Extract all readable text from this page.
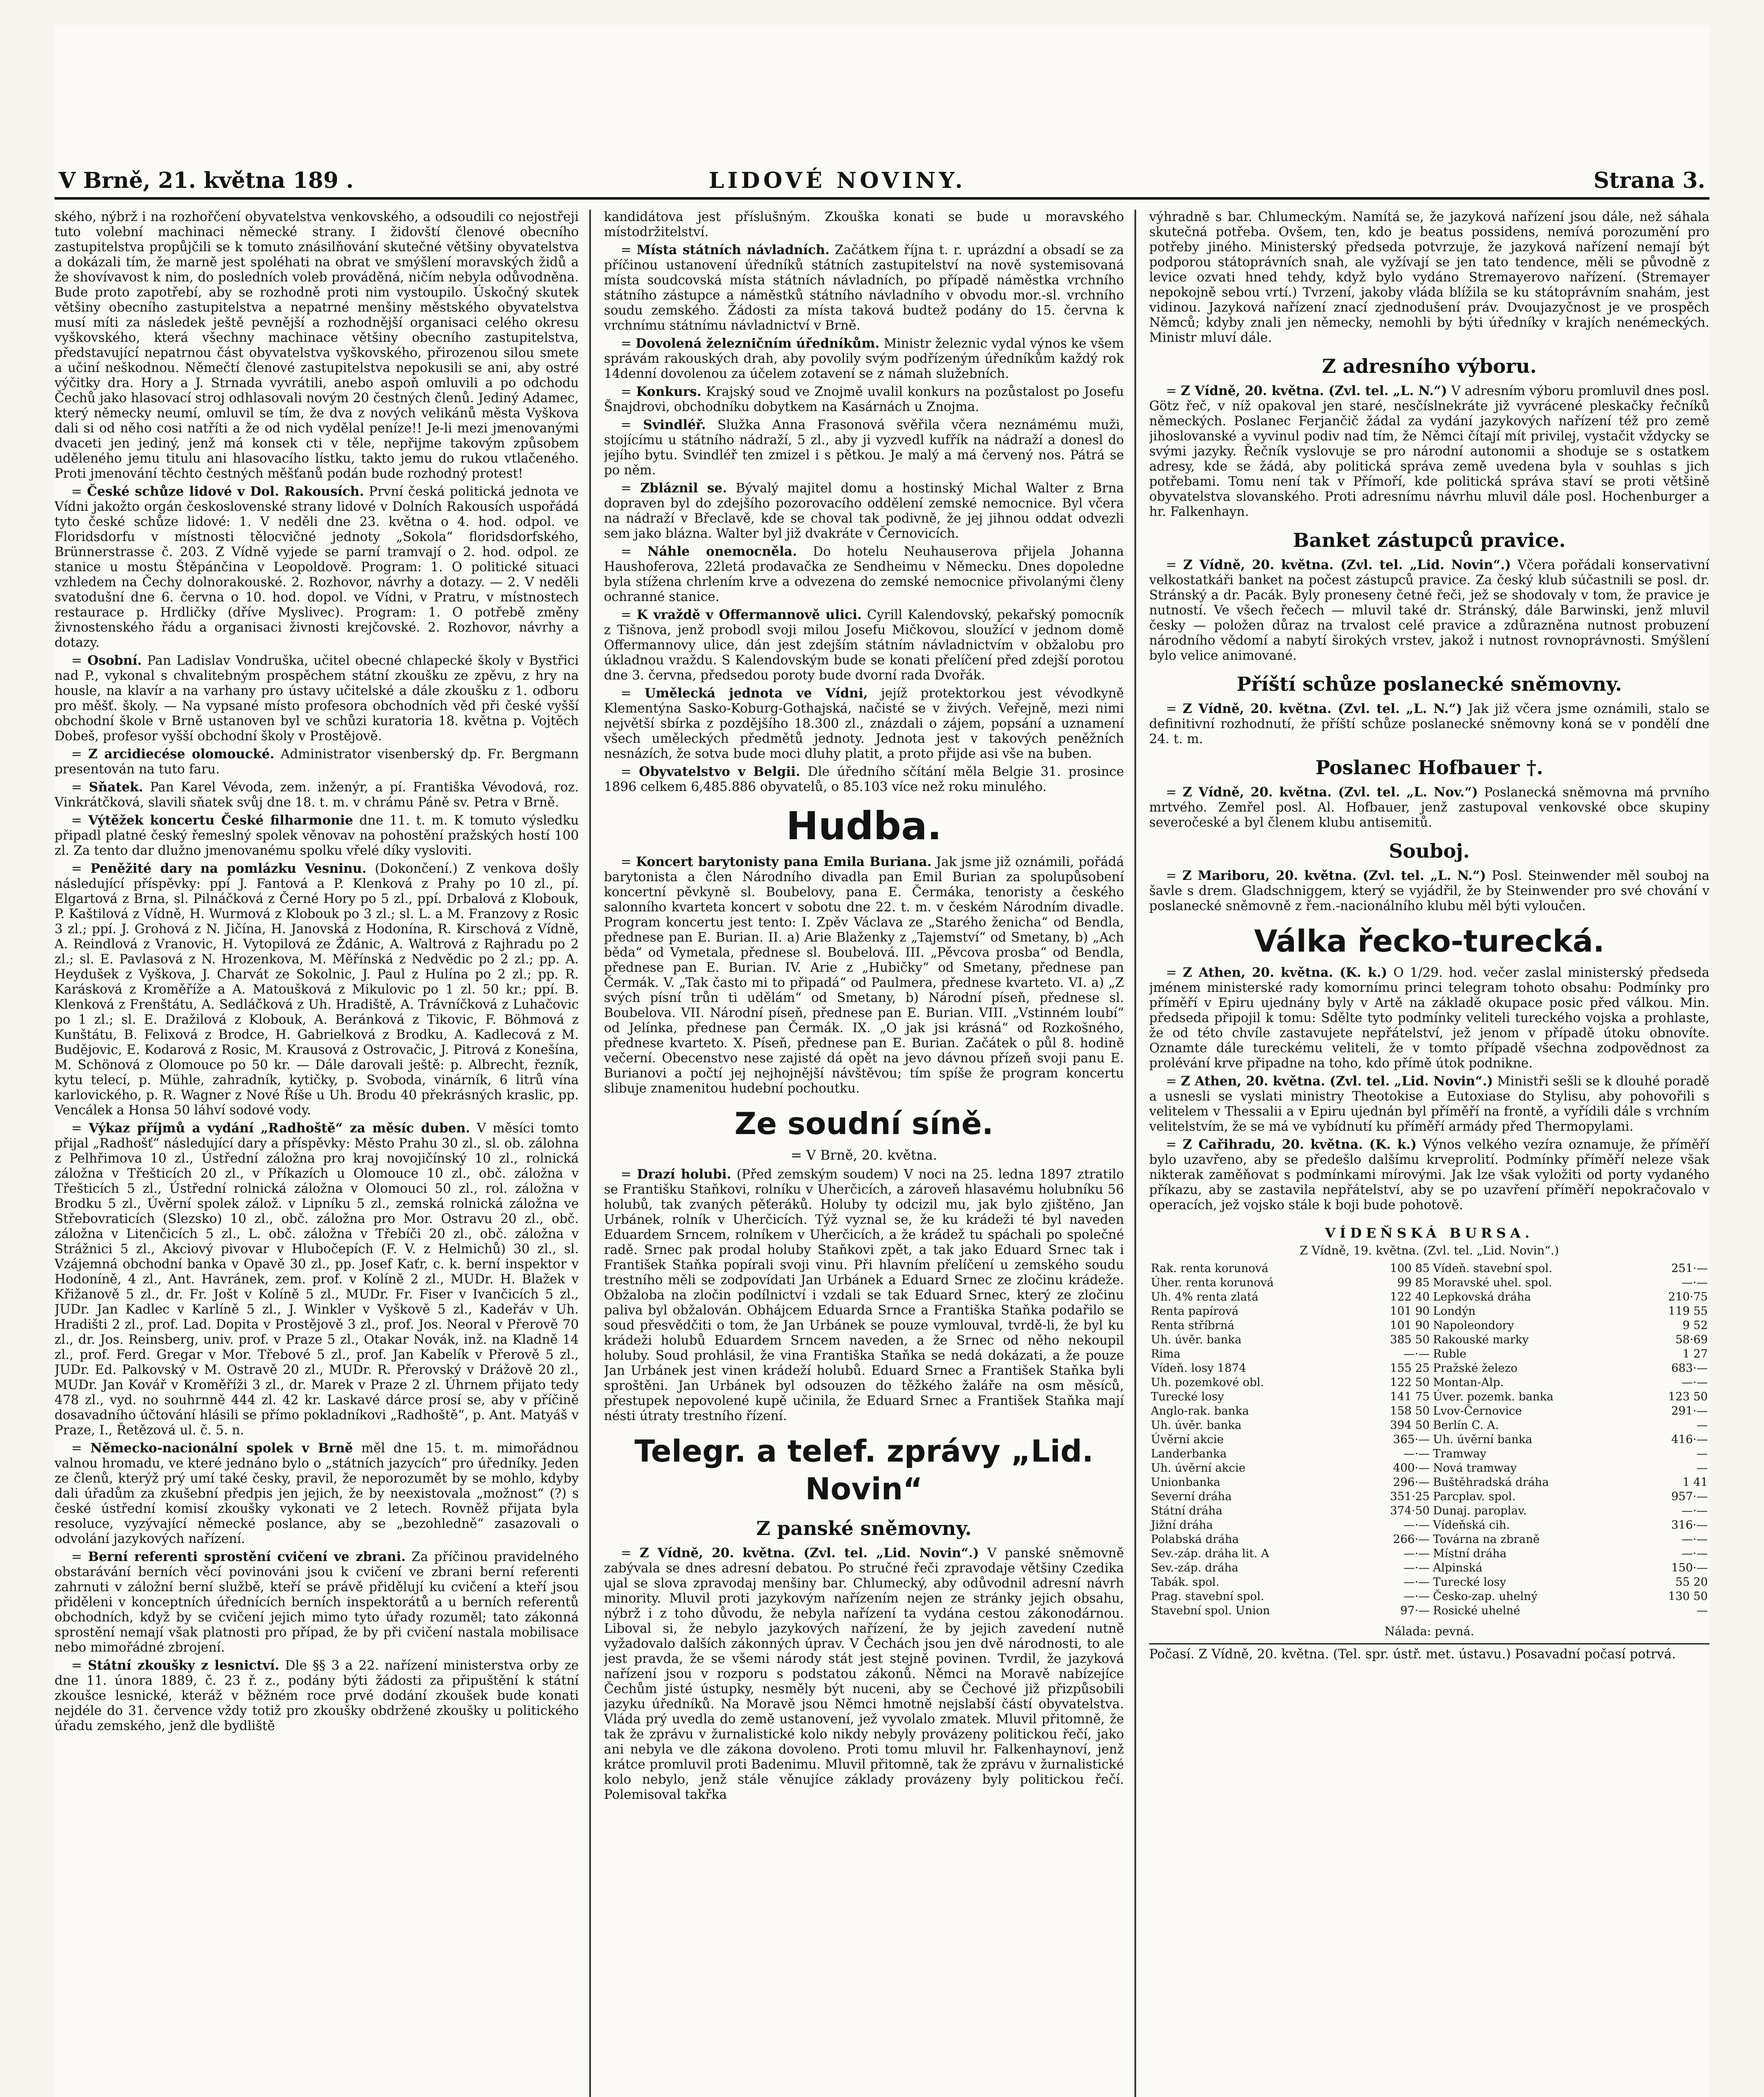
V Brně, 21. května 189 .	LIDOVÉ NOVINY.	Strana 3.

ského, nýbrž i na rozhořčení obyvatelstva venkovského, a odsoudili co nejostřeji tuto volební machinaci německé strany. I židovští členové obecního zastupitelstva propůjčili se k tomuto znásilňování skutečné většiny obyvatelstva a dokázali tím, že marně jest spoléhati na obrat ve smýšlení moravských židů a že shovívavost k nim, do posledních voleb prováděná, ničím nebyla odůvodněna. Bude proto zapotřebí, aby se rozhodně proti nim vystoupilo. Úskočný skutek většiny obecního zastupitelstva a nepatrné menšiny městského obyvatelstva musí míti za následek ještě pevnější a rozhodnější organisaci celého okresu vyškovského, která všechny machinace většiny obecního zastupitelstva, představující nepatrnou část obyvatelstva vyškovského, přirozenou silou smete a učiní neškodnou. Němečtí členové zastupitelstva nepokusili se ani, aby ostré výčitky dra. Hory a J. Strnada vyvrátili, anebo aspoň omluvili a po odchodu Čechů jako hlasovací stroj odhlasovali novým 20 čestných členů. Jediný Adamec, který německy neumí, omluvil se tím, že dva z nových velikánů města Vyškova dali si od něho cosi natříti a že od nich vydělal peníze!! Je-li mezi jmenovanými dvaceti jen jediný, jenž má konsek cti v těle, nepřijme takovým způsobem uděleného jemu titulu ani hlasovacího lístku, takto jemu do rukou vtlačeného. Proti jmenování těchto čestných měšťanů podán bude rozhodný protest!

= České schůze lidové v Dol. Rakousích. První česká politická jednota ve Vídni jakožto orgán československé strany lidové v Dolních Rakousích uspořádá tyto české schůze lidové: 1. V neděli dne 23. května o 4. hod. odpol. ve Floridsdorfu v místnosti tělocvičné jednoty „Sokola“ floridsdorfského, Brünnerstrasse č. 203. Z Vídně vyjede se parní tramvají o 2. hod. odpol. ze stanice u mostu Štěpánčina v Leopoldově. Program: 1. O politické situaci vzhledem na Čechy dolnorakouské. 2. Rozhovor, návrhy a dotazy. — 2. V neděli svatodušní dne 6. června o 10. hod. dopol. ve Vídni, v Pratru, v místnostech restaurace p. Hrdličky (dříve Myslivec). Program: 1. O potřebě změny živnostenského řádu a organisaci živnosti krejčovské. 2. Rozhovor, návrhy a dotazy.

= Osobní. Pan Ladislav Vondruška, učitel obecné chlapecké školy v Bystřici nad P., vykonal s chvalitebným prospěchem státní zkoušku ze zpěvu, z hry na housle, na klavír a na varhany pro ústavy učitelské a dále zkoušku z 1. odboru pro měšť. školy. — Na vypsané místo profesora obchodních věd při české vyšší obchodní škole v Brně ustanoven byl ve schůzi kuratoria 18. května p. Vojtěch Dobeš, profesor vyšší obchodní školy v Prostějově.

= Z arcidiecése olomoucké. Administrator visenberský dp. Fr. Bergmann presentován na tuto faru.

= Sňatek. Pan Karel Vévoda, zem. inženýr, a pí. Františka Vévodová, roz. Vinkrátčková, slavili sňatek svůj dne 18. t. m. v chrámu Páně sv. Petra v Brně.

= Výtěžek koncertu České filharmonie dne 11. t. m. K tomuto výsledku připadl platné český řemeslný spolek věnovav na pohostění pražských hostí 100 zl. Za tento dar dlužno jmenovanému spolku vřelé díky vysloviti.

= Peněžité dary na pomlázku Vesninu. (Dokončení.) Z venkova došly následující příspěvky: ppí J. Fantová a P. Klenková z Prahy po 10 zl., pí. Elgartová z Brna, sl. Pilnáčková z Černé Hory po 5 zl., ppí. Drbalová z Klobouk, P. Kaštilová z Vídně, H. Wurmová z Klobouk po 3 zl.; sl. L. a M. Franzovy z Rosic 3 zl.; ppí. J. Grohová z N. Jičína, H. Janovská z Hodonína, R. Kirschová z Vídně, A. Reindlová z Vranovic, H. Vytopilová ze Ždánic, A. Waltrová z Rajhradu po 2 zl.; sl. E. Pavlasová z N. Hrozenkova, M. Měřínská z Nedvědic po 2 zl.; pp. A. Heydušek z Vyškova, J. Charvát ze Sokolnic, J. Paul z Hulína po 2 zl.; pp. R. Karásková z Kroměříže a A. Matoušková z Mikulovic po 1 zl. 50 kr.; ppí. B. Klenková z Frenštátu, A. Sedláčková z Uh. Hradiště, A. Trávníčková z Luhačovic po 1 zl.; sl. E. Dražilová z Klobouk, A. Beránková z Tikovic, F. Böhmová z Kunštátu, B. Felixová z Brodce, H. Gabrielková z Brodku, A. Kadlecová z M. Budějovic, E. Kodarová z Rosic, M. Krausová z Ostrovačic, J. Pitrová z Konešína, M. Schönová z Olomouce po 50 kr. — Dále darovali ještě: p. Albrecht, řezník, kytu telecí, p. Mühle, zahradník, kytičky, p. Svoboda, vinárník, 6 litrů vína karlovického, p. R. Wagner z Nové Říše u Uh. Brodu 40 překrásných kraslic, pp. Vencálek a Honsa 50 láhví sodové vody.

= Výkaz příjmů a vydání „Radhoště“ za měsíc duben. V měsíci tomto přijal „Radhošť“ následující dary a příspěvky: Město Prahu 30 zl., sl. ob. zálohna z Pelhřimova 10 zl., Ústřední záložna pro kraj novojičínský 10 zl., rolnická záložna v Třešticích 20 zl., v Příkazích u Olomouce 10 zl., obč. záložna v Třešticích 5 zl., Ústřední rolnická záložna v Olomouci 50 zl., rol. záložna v Brodku 5 zl., Úvěrní spolek zálož. v Lipníku 5 zl., zemská rolnická záložna ve Střebovraticích (Slezsko) 10 zl., obč. záložna pro Mor. Ostravu 20 zl., obč. záložna v Litenčicích 5 zl., L. obč. záložna v Třebíči 20 zl., obč. záložna v Strážnici 5 zl., Akciový pivovar v Hlubočepích (F. V. z Helmichů) 30 zl., sl. Vzájemná obchodní banka v Opavě 30 zl., pp. Josef Kaťr, c. k. berní inspektor v Hodoníně, 4 zl., Ant. Havránek, zem. prof. v Kolíně 2 zl., MUDr. H. Blažek v Křižanově 5 zl., dr. Fr. Jošt v Kolíně 5 zl., MUDr. Fr. Fiser v Ivančicích 5 zl., JUDr. Jan Kadlec v Karlíně 5 zl., J. Winkler v Vyškově 5 zl., Kadeřáv v Uh. Hradišti 2 zl., prof. Lad. Dopita v Prostějově 3 zl., prof. Jos. Neoral v Přerově 70 zl., dr. Jos. Reinsberg, univ. prof. v Praze 5 zl., Otakar Novák, inž. na Kladně 14 zl., prof. Ferd. Gregar v Mor. Třebové 5 zl., prof. Jan Kabelík v Přerově 5 zl., JUDr. Ed. Palkovský v M. Ostravě 20 zl., MUDr. R. Přerovský v Drážově 20 zl., MUDr. Jan Kovář v Kroměříži 3 zl., dr. Marek v Praze 2 zl. Úhrnem přijato tedy 478 zl., vyd. no souhrnně 444 zl. 42 kr. Laskavé dárce prosí se, aby v příčině dosavadního účtování hlásili se přímo pokladníkovi „Radhoště“, p. Ant. Matyáš v Praze, I., Řetězová ul. č. 5. n.

= Německo-nacionální spolek v Brně měl dne 15. t. m. mimořádnou valnou hromadu, ve které jednáno bylo o „státních jazycích“ pro úředníky. Jeden ze členů, kterýž prý umí také česky, pravil, že neporozumět by se mohlo, kdyby dali úřadům za zkušební předpis jen jejich, že by neexistovala „možnost“ (?) s české ústřední komisí zkoušky vykonati ve 2 letech. Rovněž přijata byla resoluce, vyzývající německé poslance, aby se „bezohledně“ zasazovali o odvolání jazykových nařízení.

= Berní referenti sprostění cvičení ve zbrani. Za příčinou pravidelného obstarávání berních věcí povinováni jsou k cvičení ve zbrani berní referenti zahrnuti v záložní berní službě, kteří se právě přidělují ku cvičení a kteří jsou přiděleni v konceptních úřednících berních inspektorátů a u berních referentů obchodních, když by se cvičení jejich mimo tyto úřady rozuměl; tato zákonná sprostění nemají však platnosti pro případ, že by při cvičení nastala mobilisace nebo mimořádné zbrojení.

= Státní zkoušky z lesnictví. Dle §§ 3 a 22. nařízení ministerstva orby ze dne 11. února 1889, č. 23 ř. z., podány býti žádosti za připuštění k státní zkoušce lesnické, kteráž v běžném roce prvé dodání zkoušek bude konati nejdéle do 31. července vždy totiž pro zkoušky obdržené zkoušky u politického úřadu zemského, jenž dle bydliště

kandidátova jest příslušným. Zkouška konati se bude u moravského místodržitelství.

= Místa státních návladních. Začátkem října t. r. uprázdní a obsadí se za příčinou ustanovení úředníků státních zastupitelství na nově systemisovaná místa soudcovská místa státních návladních, po případě náměstka vrchního státního zástupce a náměstků státního návladního v obvodu mor.-sl. vrchního soudu zemského. Žádosti za místa taková budtež podány do 15. června k vrchnímu státnímu návladnictví v Brně.

= Dovolená železničním úředníkům. Ministr železnic vydal výnos ke všem správám rakouských drah, aby povolily svým podřízeným úředníkům každý rok 14denní dovolenou za účelem zotavení se z námah služebních.

= Konkurs. Krajský soud ve Znojmě uvalil konkurs na pozůstalost po Josefu Šnajdrovi, obchodníku dobytkem na Kasárnách u Znojma.

= Svindléř. Služka Anna Frasonová svěřila včera neznámému muži, stojícímu u státního nádraží, 5 zl., aby ji vyzvedl kufřík na nádraží a donesl do jejího bytu. Svindléř ten zmizel i s pětkou. Je malý a má červený nos. Pátrá se po něm.

= Zbláznil se. Bývalý majitel domu a hostinský Michal Walter z Brna dopraven byl do zdejšího pozorovacího oddělení zemské nemocnice. Byl včera na nádraží v Břeclavě, kde se choval tak podivně, že jej jihnou oddat odvezli sem jako blázna. Walter byl již dvakráte v Černovicích.

= Náhle onemocněla. Do hotelu Neuhauserova přijela Johanna Haushoferova, 22letá prodavačka ze Sendheimu v Německu. Dnes dopoledne byla stížena chrlením krve a odvezena do zemské nemocnice přivolanými členy ochranné stanice.

= K vraždě v Offermannově ulici. Cyrill Kalendovský, pekařský pomocník z Tišnova, jenž probodl svoji milou Josefu Mičkovou, sloužící v jednom domě Offermannovy ulice, dán jest zdejším státním návladnictvím v obžalobu pro úkladnou vraždu. S Kalendovským bude se konati přelíčení před zdejší porotou dne 3. června, předsedou poroty bude dvorní rada Dvořák.

= Umělecká jednota ve Vídni, jejíž protektorkou jest vévodkyně Klementýna Sasko-Koburg-Gothajská, načisté se v živých. Veřejně, mezi nimi největší sbírka z pozdějšího 18.300 zl., znázdali o zájem, popsání a uznamení všech uměleckých předmětů jednoty. Jednota jest v takových peněžních nesnázích, že sotva bude moci dluhy platit, a proto přijde asi vše na buben.

= Obyvatelstvo v Belgii. Dle úředního sčítání měla Belgie 31. prosince 1896 celkem 6,485.886 obyvatelů, o 85.103 více než roku minulého.

Hudba.

= Koncert barytonisty pana Emila Buriana. Jak jsme již oznámili, pořádá barytonista a člen Národního divadla pan Emil Burian za spolupůsobení koncertní pěvkyně sl. Boubelovy, pana E. Čermáka, tenoristy a českého salonního kvarteta koncert v sobotu dne 22. t. m. v českém Národním divadle. Program koncertu jest tento: I. Zpěv Václava ze „Starého ženicha“ od Bendla, přednese pan E. Burian. II. a) Arie Blaženky z „Tajemství“ od Smetany, b) „Ach běda“ od Vymetala, přednese sl. Boubelová. III. „Pěvcova prosba“ od Bendla, přednese pan E. Burian. IV. Arie z „Hubičky“ od Smetany, přednese pan Čermák. V. „Tak často mi to připadá“ od Paulmera, přednese kvarteto. VI. a) „Z svých písní trůn ti udělám“ od Smetany, b) Národní píseň, přednese sl. Boubelova. VII. Národní píseň, přednese pan E. Burian. VIII. „Vstinném loubí“ od Jelínka, přednese pan Čermák. IX. „O jak jsi krásná“ od Rozkošného, přednese kvarteto. X. Píseň, přednese pan E. Burian. Začátek o půl 8. hodině večerní. Obecenstvo nese zajisté dá opět na jevo dávnou přízeň svoji panu E. Burianovi a počtí jej nejhojnější návštěvou; tím spíše že program koncertu slibuje znamenitou hudební pochoutku.

Ze soudní síně.
= V Brně, 20. května.

= Drazí holubi. (Před zemským soudem) V noci na 25. ledna 1897 ztratilo se Františku Staňkovi, rolníku v Uherčicích, a zároveň hlasavému holubníku 56 holubů, tak zvaných pěťeráků. Holuby ty odcizil mu, jak bylo zjištěno, Jan Urbánek, rolník v Uherčicích. Týž vyznal se, že ku krádeži té byl naveden Eduardem Srncem, rolníkem v Uherčicích, a že krádež tu spáchali po společné radě. Srnec pak prodal holuby Staňkovi zpět, a tak jako Eduard Srnec tak i František Staňka popírali svoji vinu. Při hlavním přelíčení u zemského soudu trestního měli se zodpovídati Jan Urbánek a Eduard Srnec ze zločinu krádeže. Obžaloba na zločin podílnictví i vzdali se tak Eduard Srnec, který ze zločinu paliva byl obžalován. Obhájcem Eduarda Srnce a Františka Staňka podařilo se soud přesvědčiti o tom, že Jan Urbánek se pouze vymlouval, tvrdě-li, že byl ku krádeži holubů Eduardem Srncem naveden, a že Srnec od něho nekoupil holuby. Soud prohlásil, že vina Františka Staňka se nedá dokázati, a že pouze Jan Urbánek jest vinen krádeží holubů. Eduard Srnec a František Staňka byli sproštěni. Jan Urbánek byl odsouzen do těžkého žaláře na osm měsíců, přestupek nepovolené kupě učinila, že Eduard Srnec a František Staňka mají nésti útraty trestního řízení.

Telegr. a telef. zprávy „Lid. Novin“
Z panské sněmovny.

= Z Vídně, 20. května. (Zvl. tel. „Lid. Novin“.) V panské sněmovně zabývala se dnes adresní debatou. Po stručné řeči zpravodaje většiny Czedika ujal se slova zpravodaj menšiny bar. Chlumecký, aby odůvodnil adresní návrh minority. Mluvil proti jazykovým nařízením nejen ze stránky jejich obsahu, nýbrž i z toho důvodu, že nebyla nařízení ta vydána cestou zákonodárnou. Liboval si, že nebylo jazykových nařízení, že by jejich zavedení nutně vyžadovalo dalších zákonných úprav. V Čechách jsou jen dvě národnosti, to ale jest pravda, že se všemi národy stát jest stejně povinen. Tvrdil, že jazyková nařízení jsou v rozporu s podstatou zákonů. Němci na Moravě nabízejíce Čechům jisté ústupky, nesměly být nuceni, aby se Čechové již přizpůsobili jazyku úředníků. Na Moravě jsou Němci hmotně nejslabší částí obyvatelstva. Vláda prý uvedla do země ustanovení, jež vyvolalo zmatek. Mluvil přitomně, že tak že zprávu v žurnalistické kolo nikdy nebyly provázeny politickou řečí, jako ani nebyla ve dle zákona dovoleno. Proti tomu mluvil hr. Falkenhaynoví, jenž krátce promluvil proti Badenimu. Mluvil přitomně, tak že zprávu v žurnalistické kolo nebylo, jenž stále věnujíce základy provázeny byly politickou řečí. Polemisoval takřka

výhradně s bar. Chlumeckým. Namítá se, že jazyková nařízení jsou dále, než sáhala skutečná potřeba. Ovšem, ten, kdo je beatus possidens, nemívá porozumění pro potřeby jiného. Ministerský předseda potvrzuje, že jazyková nařízení nemají být podporou státoprávních snah, ale vyžívají se jen tato tendence, měli se původně z levice ozvati hned tehdy, když bylo vydáno Stremayerovo nařízení. (Stremayer nepokojně sebou vrtí.) Tvrzení, jakoby vláda blížila se ku státoprávním snahám, jest vidinou. Jazyková nařízení znací zjednodušení práv. Dvoujazyčnost je ve prospěch Němců; kdyby znali jen německy, nemohli by býti úředníky v krajích nenémeckých. Ministr mluví dále.

Z adresního výboru.

= Z Vídně, 20. května. (Zvl. tel. „L. N.“) V adresním výboru promluvil dnes posl. Götz řeč, v níž opakoval jen staré, nesčíslnekráte již vyvrácené pleskačky řečníků německých. Poslanec Ferjančič žádal za vydání jazykových nařízení též pro země jihoslovanské a vyvinul podiv nad tím, že Němci čítají mít privilej, vystačit vždycky se svými jazyky. Řečník vyslovuje se pro národní autonomii a shoduje se s ostatkem adresy, kde se žádá, aby politická správa země uvedena byla v souhlas s jich potřebami. Tomu není tak v Přímoří, kde politická správa staví se proti většině obyvatelstva slovanského. Proti adresnímu návrhu mluvil dále posl. Hochenburger a hr. Falkenhayn.

Banket zástupců pravice.

= Z Vídně, 20. května. (Zvl. tel. „Lid. Novin“.) Včera pořádali konservativní velkostatkáři banket na počest zástupců pravice. Za český klub súčastnili se posl. dr. Stránský a dr. Pacák. Byly proneseny četné řeči, jež se shodovaly v tom, že pravice je nutností. Ve všech řečech — mluvil také dr. Stránský, dále Barwinski, jenž mluvil česky — položen důraz na trvalost celé pravice a zdůrazněna nutnost probuzení národního vědomí a nabytí širokých vrstev, jakož i nutnost rovnoprávnosti. Smýšlení bylo velice animované.

Příští schůze poslanecké sněmovny.

= Z Vídně, 20. května. (Zvl. tel. „L. N.“) Jak již včera jsme oznámili, stalo se definitivní rozhodnutí, že příští schůze poslanecké sněmovny koná se v pondělí dne 24. t. m.

Poslanec Hofbauer †.

= Z Vídně, 20. května. (Zvl. tel. „L. Nov.“) Poslanecká sněmovna má prvního mrtvého. Zemřel posl. Al. Hofbauer, jenž zastupoval venkovské obce skupiny severočeské a byl členem klubu antisemitů.

Souboj.

= Z Mariboru, 20. května. (Zvl. tel. „L. N.“) Posl. Steinwender měl souboj na šavle s drem. Gladschniggem, který se vyjádřil, že by Steinwender pro své chování v poslanecké sněmovně z řem.-nacionálního klubu měl býti vyloučen.

Válka řecko-turecká.

= Z Athen, 20. května. (K. k.) O 1/29. hod. večer zaslal ministerský předseda jménem ministerské rady komornímu princi telegram tohoto obsahu: Podmínky pro příměří v Epiru ujednány byly v Artě na základě okupace posic před válkou. Min. předseda připojil k tomu: Sdělte tyto podmínky veliteli tureckého vojska a prohlaste, že od této chvíle zastavujete nepřátelství, jež jenom v případě útoku obnovíte. Oznamte dále tureckému veliteli, že v tomto případě všechna zodpovědnost za prolévání krve připadne na toho, kdo přímě útok podnikne.

= Z Athen, 20. května. (Zvl. tel. „Lid. Novin“.) Ministři sešli se k dlouhé poradě a usnesli se vyslati ministry Theotokise a Eutoxiase do Stylisu, aby pohovořili s velitelem v Thessalii a v Epiru ujednán byl příměří na frontě, a vyřídili dále s vrchním velitelstvím, že se má ve vybídnutí ku příměří armády před Thermopylami.

= Z Cařihradu, 20. května. (K. k.) Výnos velkého vezíra oznamuje, že příměří bylo uzavřeno, aby se předešlo dalšímu krveprolití. Podmínky příměří neleze však nikterak zaměňovat s podmínkami mírovými. Jak lze však vyložiti od porty vydaného příkazu, aby se zastavila nepřátelství, aby se po uzavření příměří nepokračovalo v operacích, jež vojsko stále k boji bude pohotově.

VÍDEŇSKÁ BURSA.
Z Vídně, 19. května. (Zvl. tel. „Lid. Novin“.)
Rak. renta korunová	100 85	Vídeň. stavební spol.	251·—
Úher. renta korunová	99 85	Moravské uhel. spol.	—·—
Uh. 4% renta zlatá	122 40	Lepkovská dráha	210·75
Renta papírová	101 90	Londýn	119 55
Renta stříbrná	101 90	Napoleondory	9 52
Uh. úvěr. banka	385 50	Rakouské marky	58·69
Rima	—·—	Ruble	1 27
Vídeň. losy 1874	155 25	Pražské železo	683·—
Uh. pozemkové obl.	122 50	Montan-Alp.	—·—
Turecké losy	141 75	Úver. pozemk. banka	123 50
Anglo-rak. banka	158 50	Lvov-Černovice	291·—
Uh. úvěr. banka	394 50	Berlín C. A.	—
Úvěrní akcie	365·—	Uh. úvěrní banka	416·—
Landerbanka	—·—	Tramway	—
Uh. úvěrní akcie	400·—	Nová tramway	—
Unionbanka	296·—	Buštěhradská dráha	1 41
Severní dráha	351·25	Parcplav. spol.	957·—
Státní dráha	374·50	Dunaj. paroplav.	—·—
Jižní dráha	—·—	Vídeňská cih.	316·—
Polabská dráha	266·—	Továrna na zbraně	—·—
Sev.-záp. dráha lit. A	—·—	Místní dráha	—·—
Sev.-záp. dráha	—·—	Alpinská	150·—
Tabák. spol.	—·—	Turecké losy	55 20
Prag. stavební spol.	—·—	Česko-zap. uhelný	130 50
Stavební spol. Union	97·—	Rosické uhelné	—
Nálada: pevná.
Počasí. Z Vídně, 20. května. (Tel. spr. ústř. met. ústavu.) Posavadní počasí potrvá.
